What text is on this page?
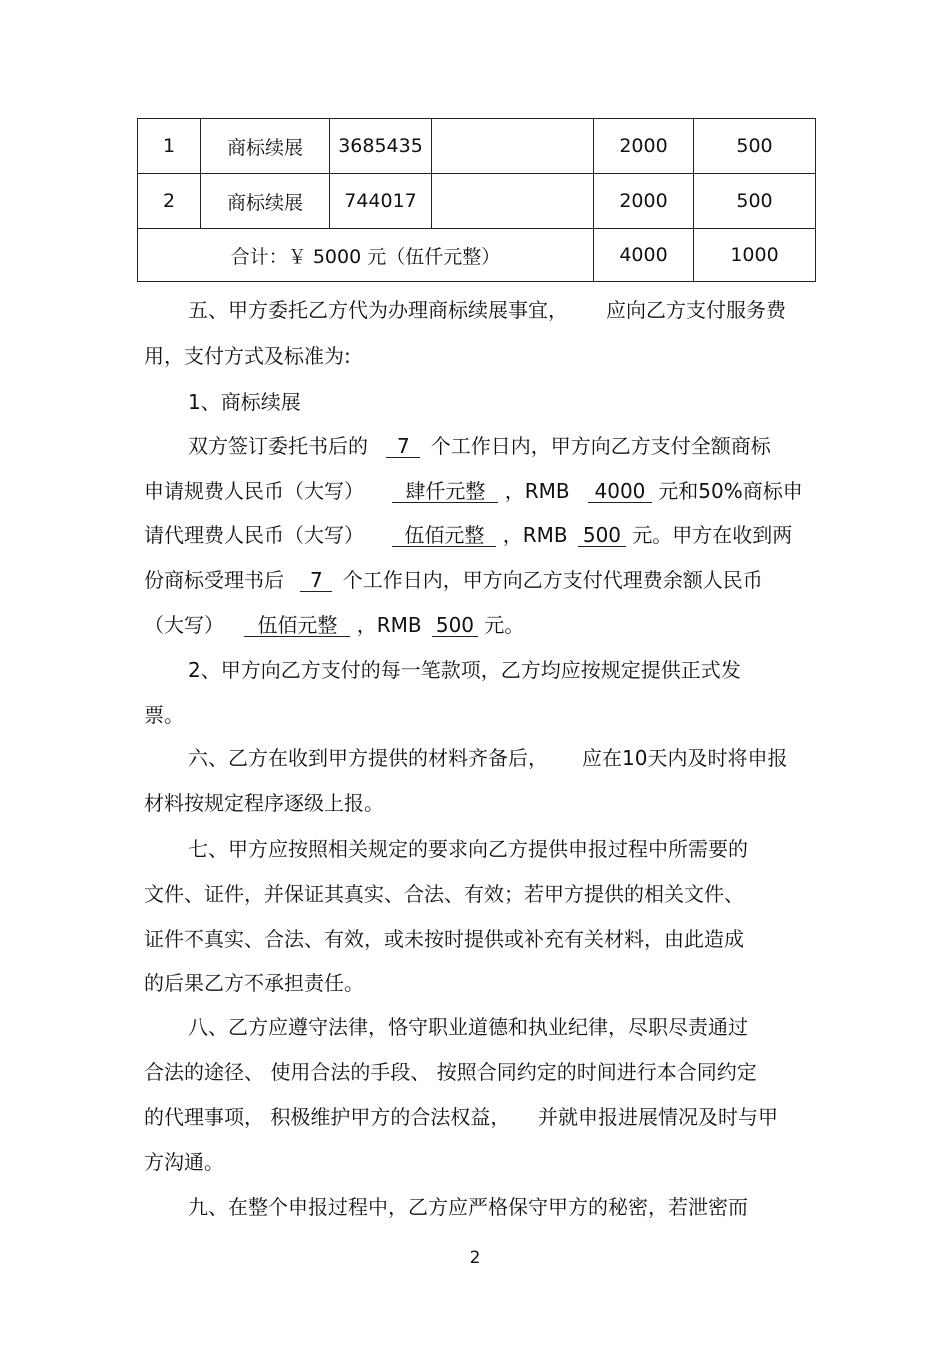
1	商标续展	3685435		2000	500
2	商标续展	744017		2000	500
合计：￥ 5000 元（伍仟元整）				4000	1000
五、甲方委托乙方代为办理商标续展事宜， 应向乙方支付服务费
用，支付方式及标准为:
1、商标续展
双方签订委托书后的 7 个工作日内，甲方向乙方支付全额商标
申请规费人民币（大写） 肆仟元整 ，RMB 4000 元和50%商标申
请代理费人民币（大写） 伍佰元整 ，RMB 500 元。甲方在收到两
份商标受理书后 7 个工作日内，甲方向乙方支付代理费余额人民币
（大写） 伍佰元整 ，RMB 500 元。
2、甲方向乙方支付的每一笔款项，乙方均应按规定提供正式发
票。
六、乙方在收到甲方提供的材料齐备后， 应在10天内及时将申报
材料按规定程序逐级上报。
七、甲方应按照相关规定的要求向乙方提供申报过程中所需要的
文件、证件，并保证其真实、合法、有效；若甲方提供的相关文件、
证件不真实、合法、有效，或未按时提供或补充有关材料，由此造成
的后果乙方不承担责任。
八、乙方应遵守法律，恪守职业道德和执业纪律，尽职尽责通过
合法的途径、 使用合法的手段、 按照合同约定的时间进行本合同约定
的代理事项， 积极维护甲方的合法权益， 并就申报进展情况及时与甲
方沟通。
九、在整个申报过程中，乙方应严格保守甲方的秘密，若泄密而
2
